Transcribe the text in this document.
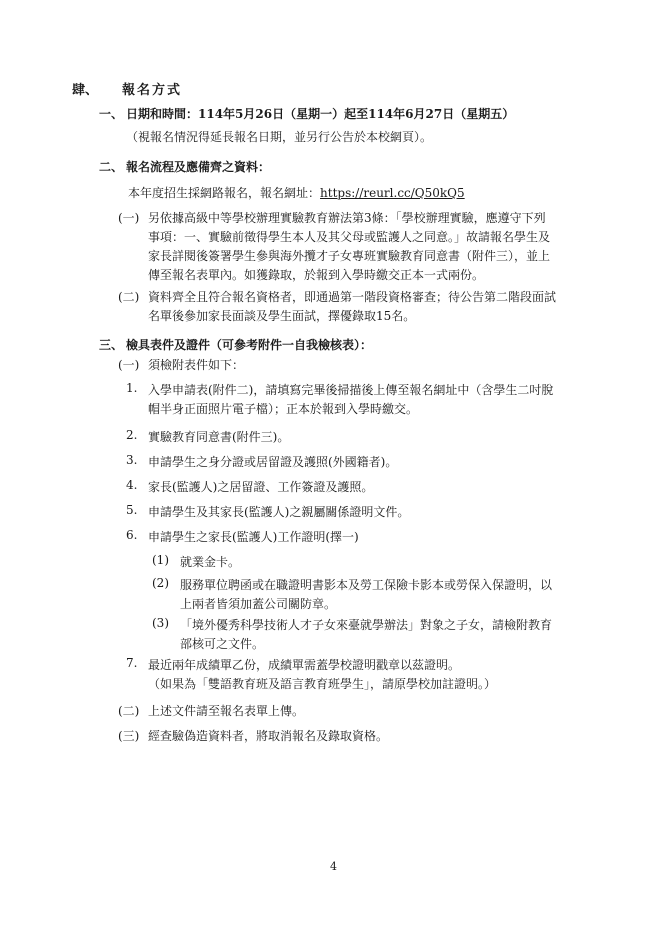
肆、 報名方式
一、 日期和時間：114年5月26日（星期一）起至114年6月27日（星期五）
（視報名情況得延長報名日期，並另行公告於本校網頁）。
二、 報名流程及應備齊之資料：
本年度招生採網路報名，報名網址：https://reurl.cc/Q50kQ5
(一) 另依據高級中等學校辦理實驗教育辦法第3條：「學校辦理實驗，應遵守下列
事項：一、實驗前徵得學生本人及其父母或監護人之同意。」故請報名學生及
家長詳閱後簽署學生參與海外攬才子女專班實驗教育同意書（附件三），並上
傳至報名表單內。如獲錄取，於報到入學時繳交正本一式兩份。
(二) 資料齊全且符合報名資格者，即通過第一階段資格審查；待公告第二階段面試
名單後參加家長面談及學生面試，擇優錄取15名。
三、 檢具表件及證件（可參考附件一自我檢核表）：
(一) 須檢附表件如下：
1. 入學申請表(附件二)，請填寫完畢後掃描後上傳至報名網址中（含學生二吋脫
帽半身正面照片電子檔）；正本於報到入學時繳交。
2. 實驗教育同意書(附件三)。
3. 申請學生之身分證或居留證及護照(外國籍者)。
4. 家長(監護人)之居留證、工作簽證及護照。
5. 申請學生及其家長(監護人)之親屬關係證明文件。
6. 申請學生之家長(監護人)工作證明(擇一)
(1) 就業金卡。
(2) 服務單位聘函或在職證明書影本及勞工保險卡影本或勞保入保證明，以
上兩者皆須加蓋公司關防章。
(3) 「境外優秀科學技術人才子女來臺就學辦法」對象之子女，請檢附教育
部核可之文件。
7. 最近兩年成績單乙份，成績單需蓋學校證明戳章以茲證明。
（如果為「雙語教育班及語言教育班學生」，請原學校加註證明。）
(二) 上述文件請至報名表單上傳。
(三) 經查驗偽造資料者，將取消報名及錄取資格。
4
